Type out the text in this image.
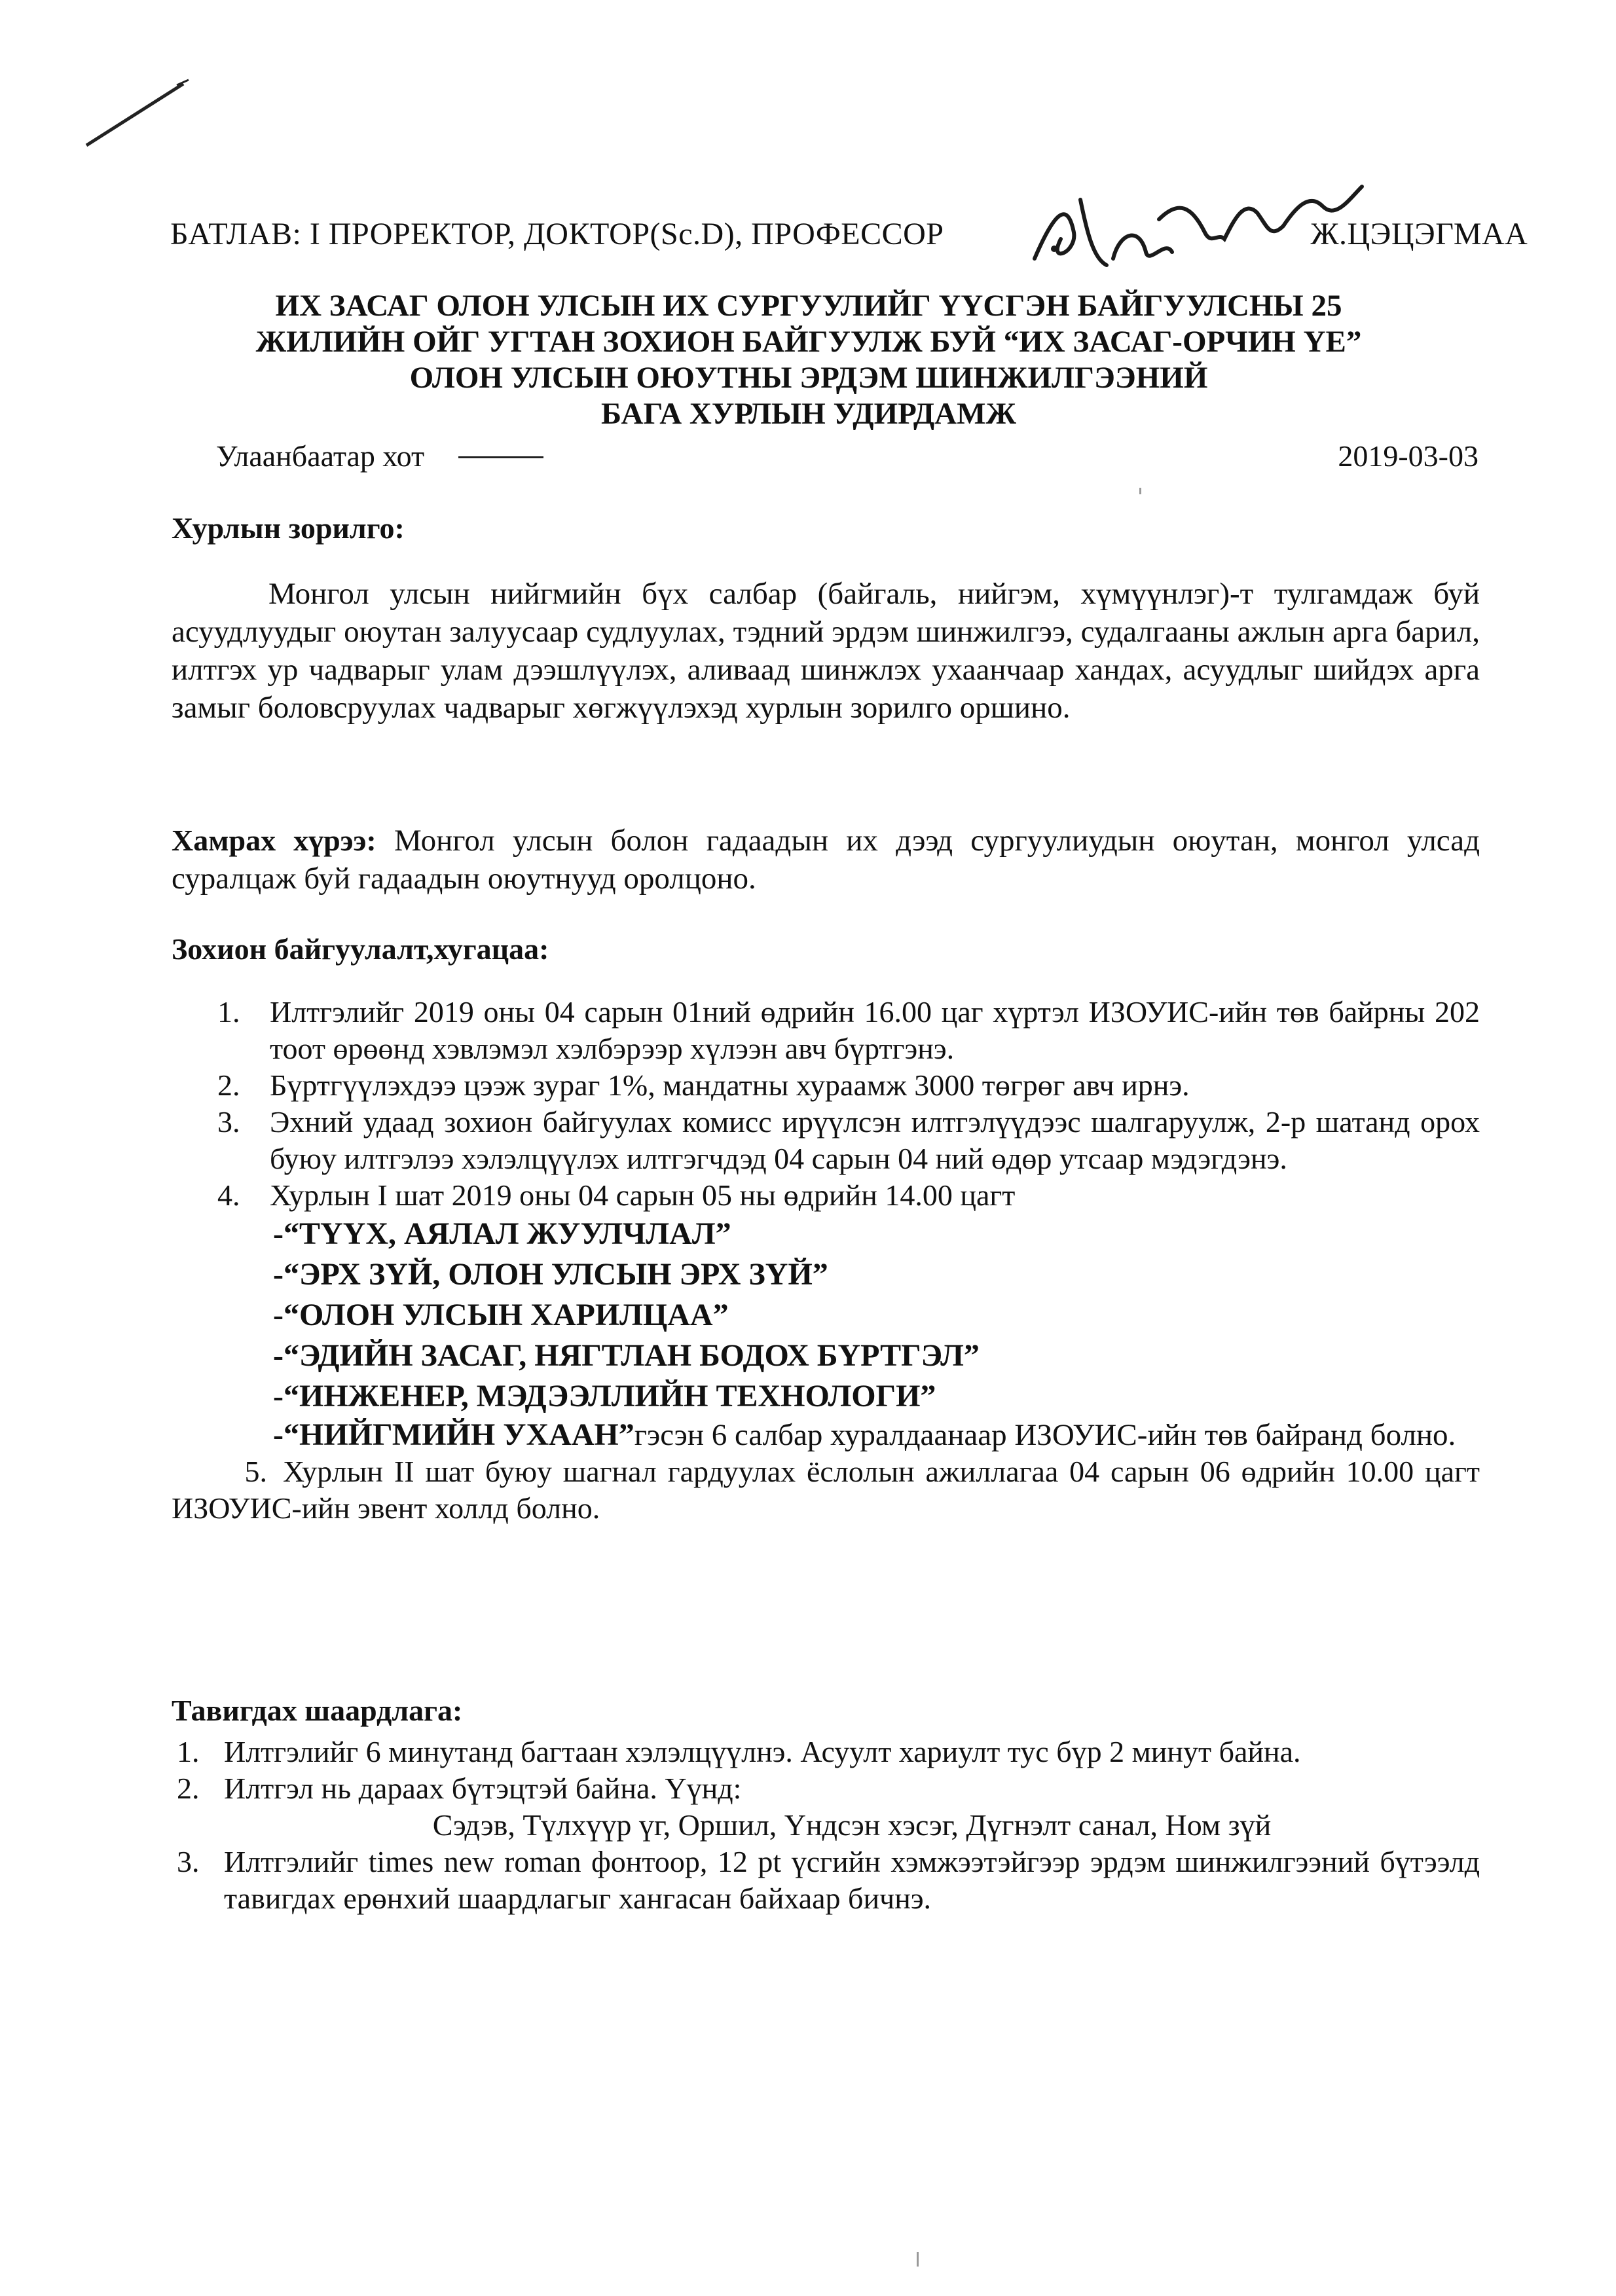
БАТЛАВ: I ПРОРЕКТОР, ДОКТОР(Sc.D), ПРОФЕССОР	Ж.ЦЭЦЭГМАА
ИХ ЗАСАГ ОЛОН УЛСЫН ИХ СУРГУУЛИЙГ ҮҮСГЭН БАЙГУУЛСНЫ 25
ЖИЛИЙН ОЙГ УГТАН ЗОХИОН БАЙГУУЛЖ БУЙ “ИХ ЗАСАГ-ОРЧИН ҮЕ”
ОЛОН УЛСЫН ОЮУТНЫ ЭРДЭМ ШИНЖИЛГЭЭНИЙ
БАГА ХУРЛЫН УДИРДАМЖ
Улаанбаатар хот	2019-03-03
Хурлын зорилго:
Монгол улсын нийгмийн бүх салбар (байгаль, нийгэм, хүмүүнлэг)-т тулгамдаж буй асуудлуудыг оюутан залуусаар судлуулах, тэдний эрдэм шинжилгээ, судалгааны ажлын арга барил, илтгэх ур чадварыг улам дээшлүүлэх, аливаад шинжлэх ухаанчаар хандах, асуудлыг шийдэх арга замыг боловсруулах чадварыг хөгжүүлэхэд хурлын зорилго оршино.
Хамрах хүрээ: Монгол улсын болон гадаадын их дээд сургуулиудын оюутан, монгол улсад суралцаж буй гадаадын оюутнууд оролцоно.
Зохион байгуулалт,хугацаа:
1. Илтгэлийг 2019 оны 04 сарын 01ний өдрийн 16.00 цаг хүртэл ИЗОУИС-ийн төв байрны 202 тоот өрөөнд хэвлэмэл хэлбэрээр хүлээн авч бүртгэнэ.
2. Бүртгүүлэхдээ цээж зураг 1%, мандатны хураамж 3000 төгрөг авч ирнэ.
3. Эхний удаад зохион байгуулах комисс ирүүлсэн илтгэлүүдээс шалгаруулж, 2-р шатанд орох буюу илтгэлээ хэлэлцүүлэх илтгэгчдэд 04 сарын 04 ний өдөр утсаар мэдэгдэнэ.
4. Хурлын I шат 2019 оны 04 сарын 05 ны өдрийн 14.00 цагт
-“ТҮҮХ, АЯЛАЛ ЖУУЛЧЛАЛ”
-“ЭРХ ЗҮЙ, ОЛОН УЛСЫН ЭРХ ЗҮЙ”
-“ОЛОН УЛСЫН ХАРИЛЦАА”
-“ЭДИЙН ЗАСАГ, НЯГТЛАН БОДОХ БҮРТГЭЛ”
-“ИНЖЕНЕР, МЭДЭЭЛЛИЙН ТЕХНОЛОГИ”
-“НИЙГМИЙН УХААН”гэсэн 6 салбар хуралдаанаар ИЗОУИС-ийн төв байранд болно.
5. Хурлын II шат буюу шагнал гардуулах ёслолын ажиллагаа 04 сарын 06 өдрийн 10.00 цагт ИЗОУИС-ийн эвент холлд болно.
Тавигдах шаардлага:
1. Илтгэлийг 6 минутанд багтаан хэлэлцүүлнэ. Асуулт хариулт тус бүр 2 минут байна.
2. Илтгэл нь дараах бүтэцтэй байна. Үүнд:
Сэдэв, Түлхүүр үг, Оршил, Үндсэн хэсэг, Дүгнэлт санал, Ном зүй
3. Илтгэлийг times new roman фонтоор, 12 pt үсгийн хэмжээтэйгээр эрдэм шинжилгээний бүтээлд тавигдах ерөнхий шаардлагыг хангасан байхаар бичнэ.
